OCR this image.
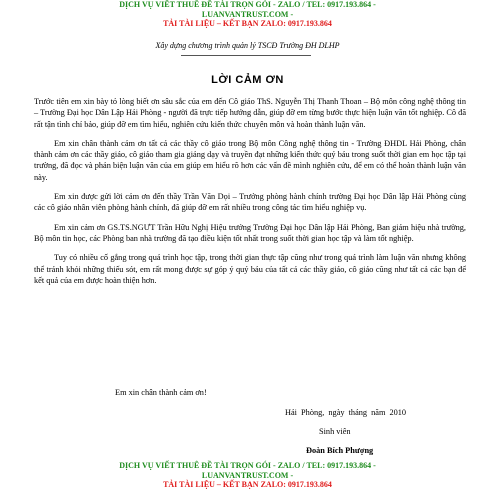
DỊCH VỤ VIẾT THUÊ ĐỀ TÀI TRỌN GÓI - ZALO / TEL: 0917.193.864 -
LUANVANTRUST.COM -
TẢI TÀI LIỆU – KẾT BẠN ZALO: 0917.193.864
Xây dựng chương trình quản lý TSCĐ Trường ĐH DLHP
LỜI CẢM ƠN

Trước tiên em xin bày tỏ lòng biết ơn sâu sắc của em đến Cô giáo ThS. Nguyễn Thị Thanh Thoan – Bộ môn công nghệ thông tin – Trường Đại học Dân Lập Hải Phòng - người đã trực tiếp hướng dẫn, giúp đỡ em từng bước thực hiện luận văn tốt nghiệp. Cô đã rất tận tình chỉ bảo, giúp đỡ em tìm hiểu, nghiên cứu kiến thức chuyên môn và hoàn thành luận văn.

Em xin chân thành cảm ơn tất cả các thầy cô giáo trong Bộ môn Công nghệ thông tin - Trường ĐHDL Hải Phòng, chân thành cảm ơn các thầy giáo, cô giáo tham gia giảng dạy và truyền đạt những kiến thức quý báu trong suốt thời gian em học tập tại trường, đã đọc và phản biện luận văn của em giúp em hiểu rõ hơn các vấn đề mình nghiên cứu, để em có thể hoàn thành luận văn này.

Em xin được gửi lời cảm ơn đến thầy Trần Văn Dọi – Trưởng phòng hành chính trường Đại học Dân lập Hải Phòng cùng các cô giáo nhân viên phòng hành chính, đã giúp đỡ em rất nhiều trong công tác tìm hiểu nghiệp vụ.

Em xin cảm ơn GS.TS.NGƯT Trần Hữu Nghị Hiệu trưởng Trường Đại học Dân lập Hải Phòng, Ban giám hiệu nhà trường, Bộ môn tin học, các Phòng ban nhà trường đã tạo điều kiện tốt nhất trong suốt thời gian học tập và làm tốt nghiệp.

Tuy có nhiều cố gắng trong quá trình học tập, trong thời gian thực tập cũng như trong quá trình làm luận văn nhưng không thể tránh khỏi những thiếu sót, em rất mong được sự góp ý quý báu của tất cả các thầy giáo, cô giáo cũng như tất cả các bạn để kết quả của em được hoàn thiện hơn.

Em xin chân thành cảm ơn!
Hải Phòng, ngày tháng năm 2010
Sinh viên
Đoàn Bích Phượng
DỊCH VỤ VIẾT THUÊ ĐỀ TÀI TRỌN GÓI - ZALO / TEL: 0917.193.864 -
LUANVANTRUST.COM -
TẢI TÀI LIỆU – KẾT BẠN ZALO: 0917.193.864
